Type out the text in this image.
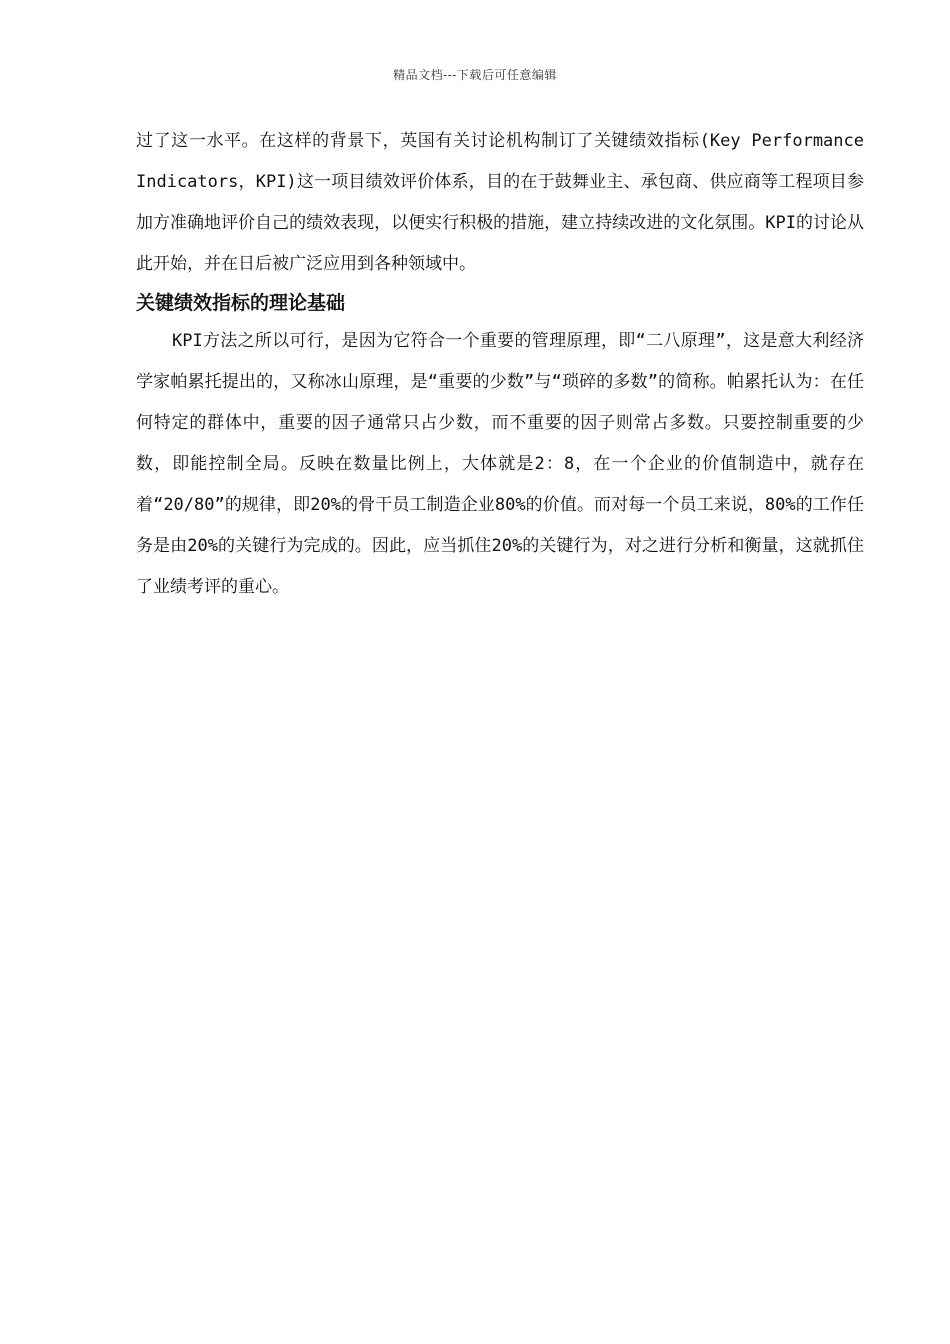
精品文档---下载后可任意编辑

过了这一水平。在这样的背景下，英国有关讨论机构制订了关键绩效指标(Key Performance Indicators，KPI)这一项目绩效评价体系，目的在于鼓舞业主、承包商、供应商等工程项目参加方准确地评价自己的绩效表现，以便实行积极的措施，建立持续改进的文化氛围。KPI的讨论从此开始，并在日后被广泛应用到各种领域中。

关键绩效指标的理论基础

KPI方法之所以可行，是因为它符合一个重要的管理原理，即“二八原理”，这是意大利经济学家帕累托提出的，又称冰山原理，是“重要的少数”与“琐碎的多数”的简称。帕累托认为：在任何特定的群体中，重要的因子通常只占少数，而不重要的因子则常占多数。只要控制重要的少数，即能控制全局。反映在数量比例上，大体就是2：8，在一个企业的价值制造中，就存在着“20/80”的规律，即20%的骨干员工制造企业80%的价值。而对每一个员工来说，80%的工作任务是由20%的关键行为完成的。因此，应当抓住20%的关键行为，对之进行分析和衡量，这就抓住了业绩考评的重心。
